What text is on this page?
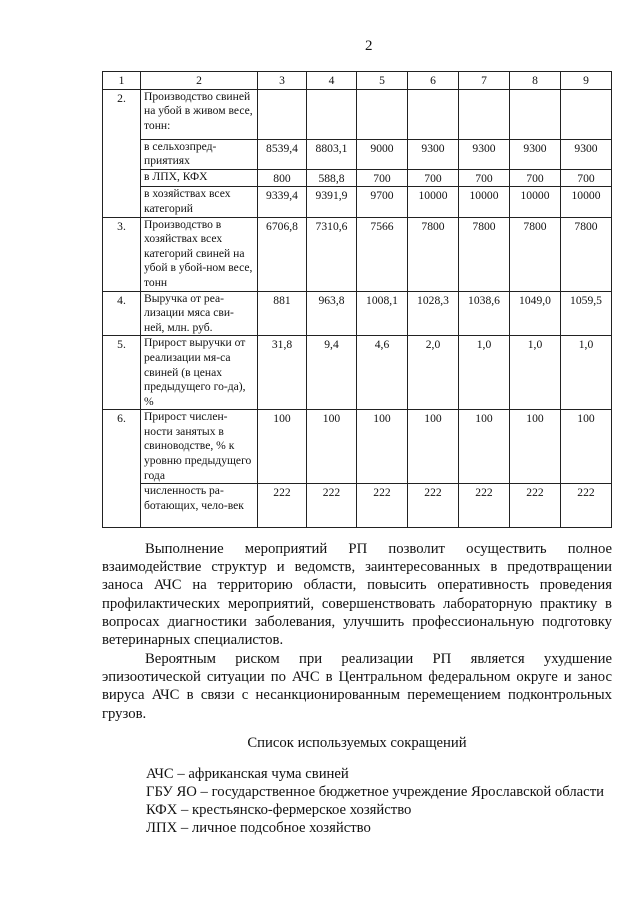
2
1	2	3	4	5	6	7	8	9
2.	Производство свиней на убой в живом весе, тонн:							
	в сельхозпред-приятиях	8539,4	8803,1	9000	9300	9300	9300	9300
	в ЛПХ, КФХ	800	588,8	700	700	700	700	700
	в хозяйствах всех категорий	9339,4	9391,9	9700	10000	10000	10000	10000
3.	Производство в хозяйствах всех категорий свиней на убой в убой-ном весе, тонн	6706,8	7310,6	7566	7800	7800	7800	7800
4.	Выручка от реа-лизации мяса сви-ней, млн. руб.	881	963,8	1008,1	1028,3	1038,6	1049,0	1059,5
5.	Прирост выручки от реализации мя-са свиней (в ценах предыдущего го-да), %	31,8	9,4	4,6	2,0	1,0	1,0	1,0
6.	Прирост числен-ности занятых в свиноводстве, % к уровню предыдущего года	100	100	100	100	100	100	100
	численность ра-ботающих, чело-век	222	222	222	222	222	222	222

Выполнение мероприятий РП позволит осуществить полное взаимодействие структур и ведомств, заинтересованных в предотвращении заноса АЧС на территорию области, повысить оперативность проведения профилактических мероприятий, совершенствовать лабораторную практику в вопросах диагностики заболевания, улучшить профессиональную подготовку ветеринарных специалистов.

Вероятным риском при реализации РП является ухудшение эпизоотической ситуации по АЧС в Центральном федеральном округе и занос вируса АЧС в связи с несанкционированным перемещением подконтрольных грузов.

Список используемых сокращений
АЧС – африканская чума свиней
ГБУ ЯО – государственное бюджетное учреждение Ярославской области
КФХ – крестьянско-фермерское хозяйство
ЛПХ – личное подсобное хозяйство
